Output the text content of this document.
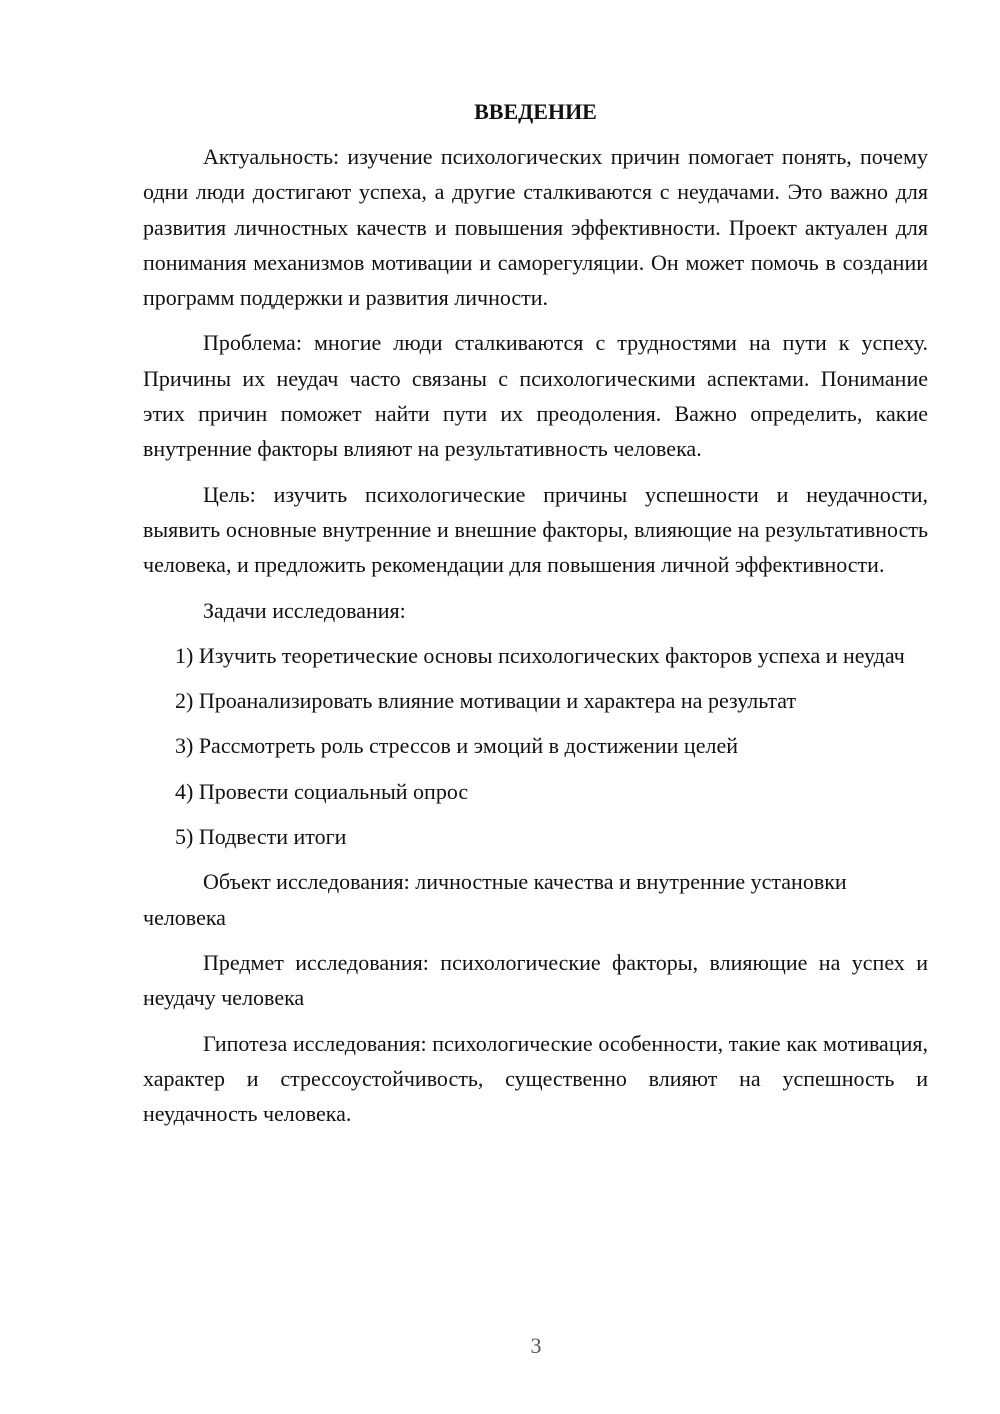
ВВЕДЕНИЕ

Актуальность: изучение психологических причин помогает понять, почему одни люди достигают успеха, а другие сталкиваются с неудачами. Это важно для развития личностных качеств и повышения эффективности. Проект актуален для понимания механизмов мотивации и саморегуляции. Он может помочь в создании программ поддержки и развития личности.

Проблема: многие люди сталкиваются с трудностями на пути к успеху. Причины их неудач часто связаны с психологическими аспектами. Понимание этих причин поможет найти пути их преодоления. Важно определить, какие внутренние факторы влияют на результативность человека.

Цель: изучить психологические причины успешности и неудачности, выявить основные внутренние и внешние факторы, влияющие на результативность человека, и предложить рекомендации для повышения личной эффективности.

Задачи исследования:

1) Изучить теоретические основы психологических факторов успеха и неудач

2) Проанализировать влияние мотивации и характера на результат

3) Рассмотреть роль стрессов и эмоций в достижении целей

4) Провести социальный опрос

5) Подвести итоги

Объект исследования: личностные качества и внутренние установки человека

Предмет исследования: психологические факторы, влияющие на успех и неудачу человека

Гипотеза исследования: психологические особенности, такие как мотивация, характер и стрессоустойчивость, существенно влияют на успешность и неудачность человека.

3
